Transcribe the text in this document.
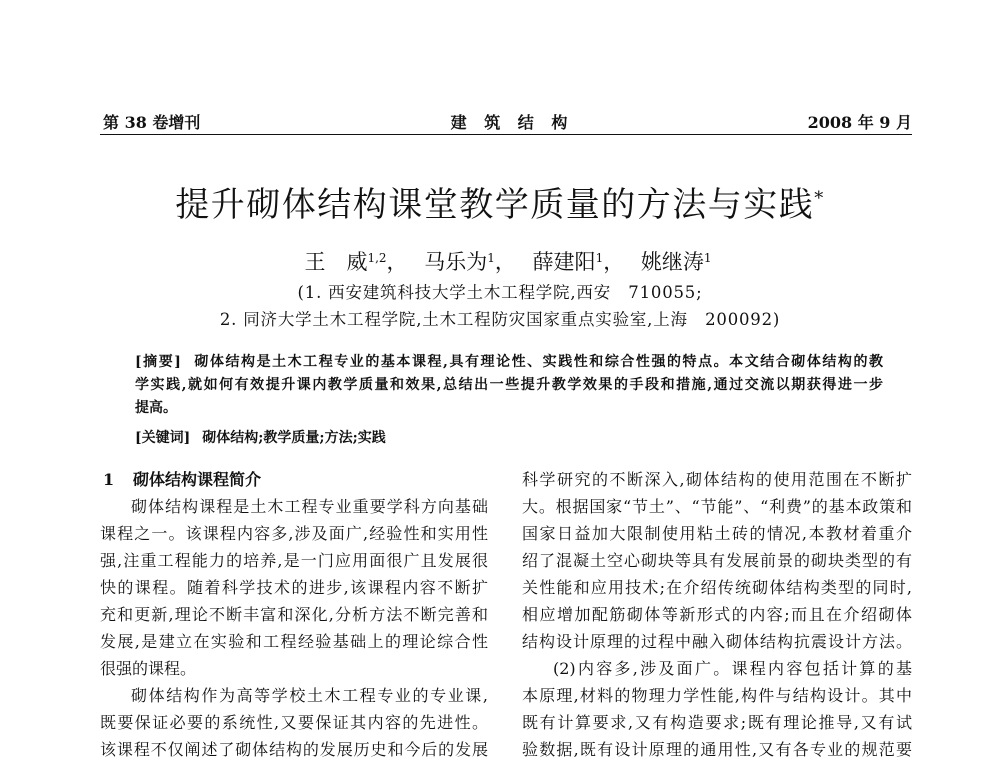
第 38 卷增刊	建 筑 结 构	2008 年 9 月
提升砌体结构课堂教学质量的方法与实践*
王　威$^{1,2}$， 马乐为$^1$， 薛建阳$^1$， 姚继涛$^1$
(1. 西安建筑科技大学土木工程学院,西安　710055;
2. 同济大学土木工程学院,土木工程防灾国家重点实验室,上海　200092)
[摘要] 砌体结构是土木工程专业的基本课程,具有理论性、实践性和综合性强的特点。本文结合砌体结构的教
学实践,就如何有效提升课内教学质量和效果,总结出一些提升教学效果的手段和措施,通过交流以期获得进一步
提高。
[关键词] 砌体结构;教学质量;方法;实践
1 砌体结构课程简介
砌体结构课程是土木工程专业重要学科方向基础
课程之一。该课程内容多,涉及面广,经验性和实用性
强,注重工程能力的培养,是一门应用面很广且发展很
快的课程。随着科学技术的进步,该课程内容不断扩
充和更新,理论不断丰富和深化,分析方法不断完善和
发展,是建立在实验和工程经验基础上的理论综合性
很强的课程。
砌体结构作为高等学校土木工程专业的专业课,
既要保证必要的系统性,又要保证其内容的先进性。
该课程不仅阐述了砌体结构的发展历史和今后的发展
科学研究的不断深入,砌体结构的使用范围在不断扩
大。根据国家“节土”、“节能”、“利费”的基本政策和
国家日益加大限制使用粘土砖的情况,本教材着重介
绍了混凝土空心砌块等具有发展前景的砌块类型的有
关性能和应用技术;在介绍传统砌体结构类型的同时,
相应增加配筋砌体等新形式的内容;而且在介绍砌体
结构设计原理的过程中融入砌体结构抗震设计方法。
(2)内容多,涉及面广。课程内容包括计算的基
本原理,材料的物理力学性能,构件与结构设计。其中
既有计算要求,又有构造要求;既有理论推导,又有试
验数据,既有设计原理的通用性,又有各专业的规范要
